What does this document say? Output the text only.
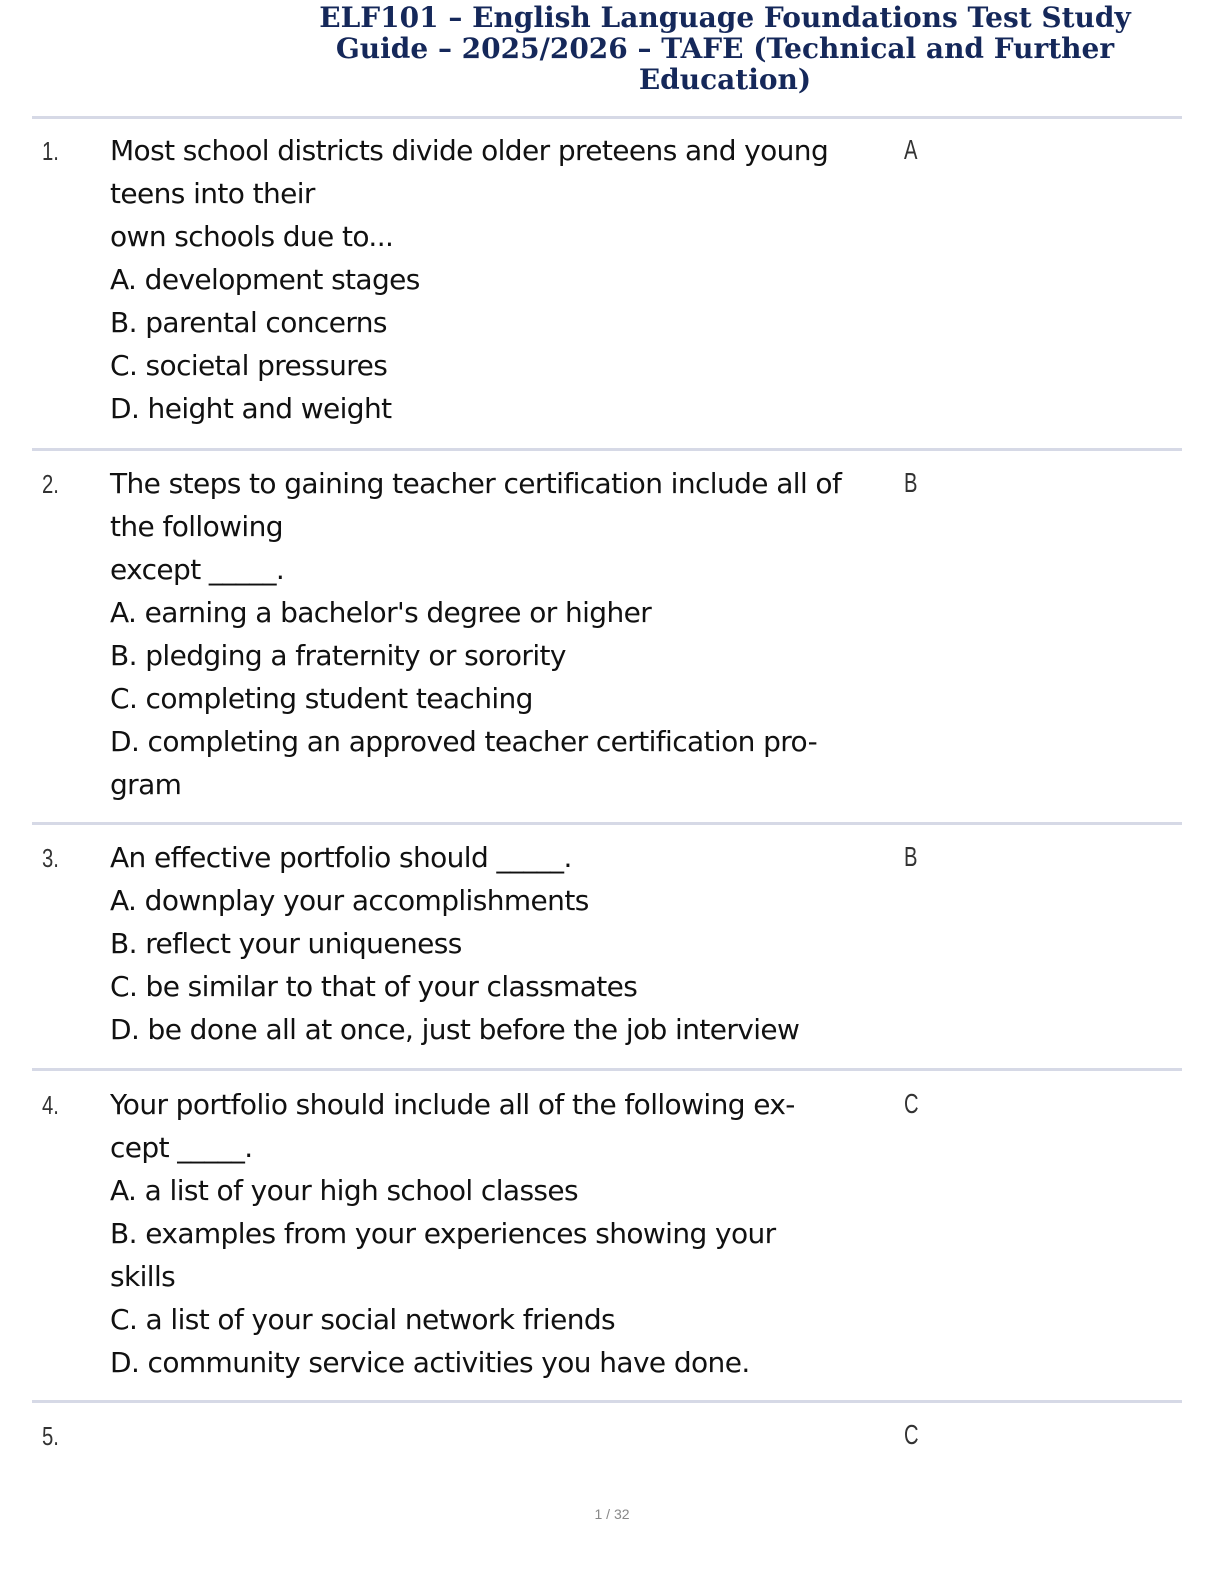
ELF101 – English Language Foundations Test Study
Guide – 2025/2026 – TAFE (Technical and Further
Education)
1. Most school districts divide older preteens and young
teens into their
own schools due to...
A. development stages
B. parental concerns
C. societal pressures
D. height and weight
A
2. The steps to gaining teacher certification include all of
the following
except _____.
A. earning a bachelor's degree or higher
B. pledging a fraternity or sorority
C. completing student teaching
D. completing an approved teacher certification pro-
gram
B
3. An effective portfolio should _____.
A. downplay your accomplishments
B. reflect your uniqueness
C. be similar to that of your classmates
D. be done all at once, just before the job interview
B
4. Your portfolio should include all of the following ex-
cept _____.
A. a list of your high school classes
B. examples from your experiences showing your
skills
C. a list of your social network friends
D. community service activities you have done.
C
5.	C
1 / 32
